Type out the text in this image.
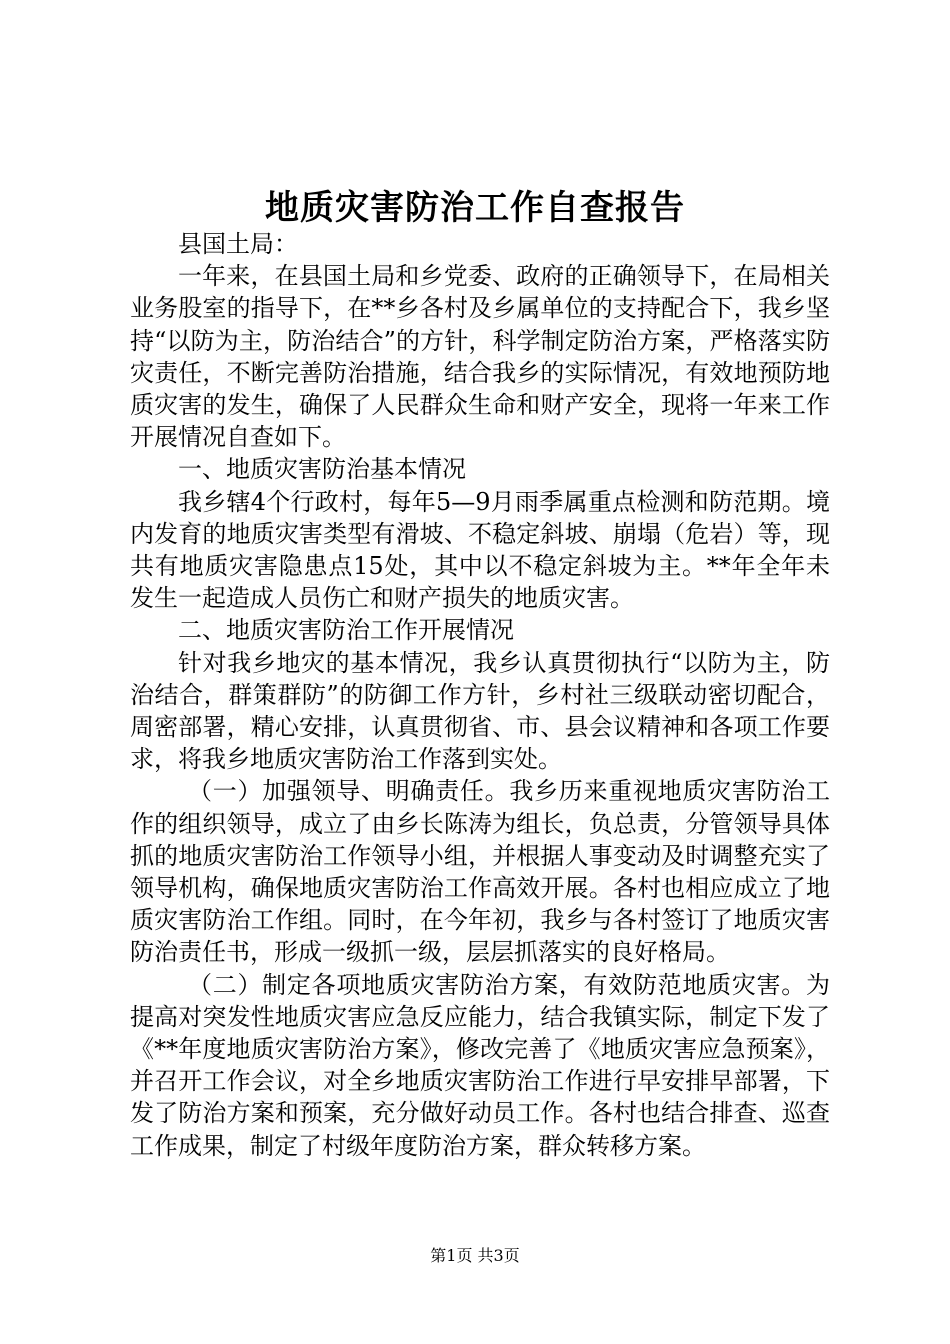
地质灾害防治工作自查报告

县国土局：

一年来，在县国土局和乡党委、政府的正确领导下，在局相关业务股室的指导下，在**乡各村及乡属单位的支持配合下，我乡坚持“以防为主，防治结合”的方针，科学制定防治方案，严格落实防灾责任，不断完善防治措施，结合我乡的实际情况，有效地预防地质灾害的发生，确保了人民群众生命和财产安全，现将一年来工作开展情况自查如下。

一、地质灾害防治基本情况

我乡辖4个行政村，每年5—9月雨季属重点检测和防范期。境内发育的地质灾害类型有滑坡、不稳定斜坡、崩塌（危岩）等，现共有地质灾害隐患点15处，其中以不稳定斜坡为主。**年全年未发生一起造成人员伤亡和财产损失的地质灾害。

二、地质灾害防治工作开展情况

针对我乡地灾的基本情况，我乡认真贯彻执行“以防为主，防治结合，群策群防”的防御工作方针，乡村社三级联动密切配合，周密部署，精心安排，认真贯彻省、市、县会议精神和各项工作要求，将我乡地质灾害防治工作落到实处。

（一）加强领导、明确责任。我乡历来重视地质灾害防治工作的组织领导，成立了由乡长陈涛为组长，负总责，分管领导具体抓的地质灾害防治工作领导小组，并根据人事变动及时调整充实了领导机构，确保地质灾害防治工作高效开展。各村也相应成立了地质灾害防治工作组。同时，在今年初，我乡与各村签订了地质灾害防治责任书，形成一级抓一级，层层抓落实的良好格局。

（二）制定各项地质灾害防治方案，有效防范地质灾害。为提高对突发性地质灾害应急反应能力，结合我镇实际，制定下发了《**年度地质灾害防治方案》，修改完善了《地质灾害应急预案》，并召开工作会议，对全乡地质灾害防治工作进行早安排早部署，下发了防治方案和预案，充分做好动员工作。各村也结合排查、巡查工作成果，制定了村级年度防治方案，群众转移方案。

第1页 共3页
